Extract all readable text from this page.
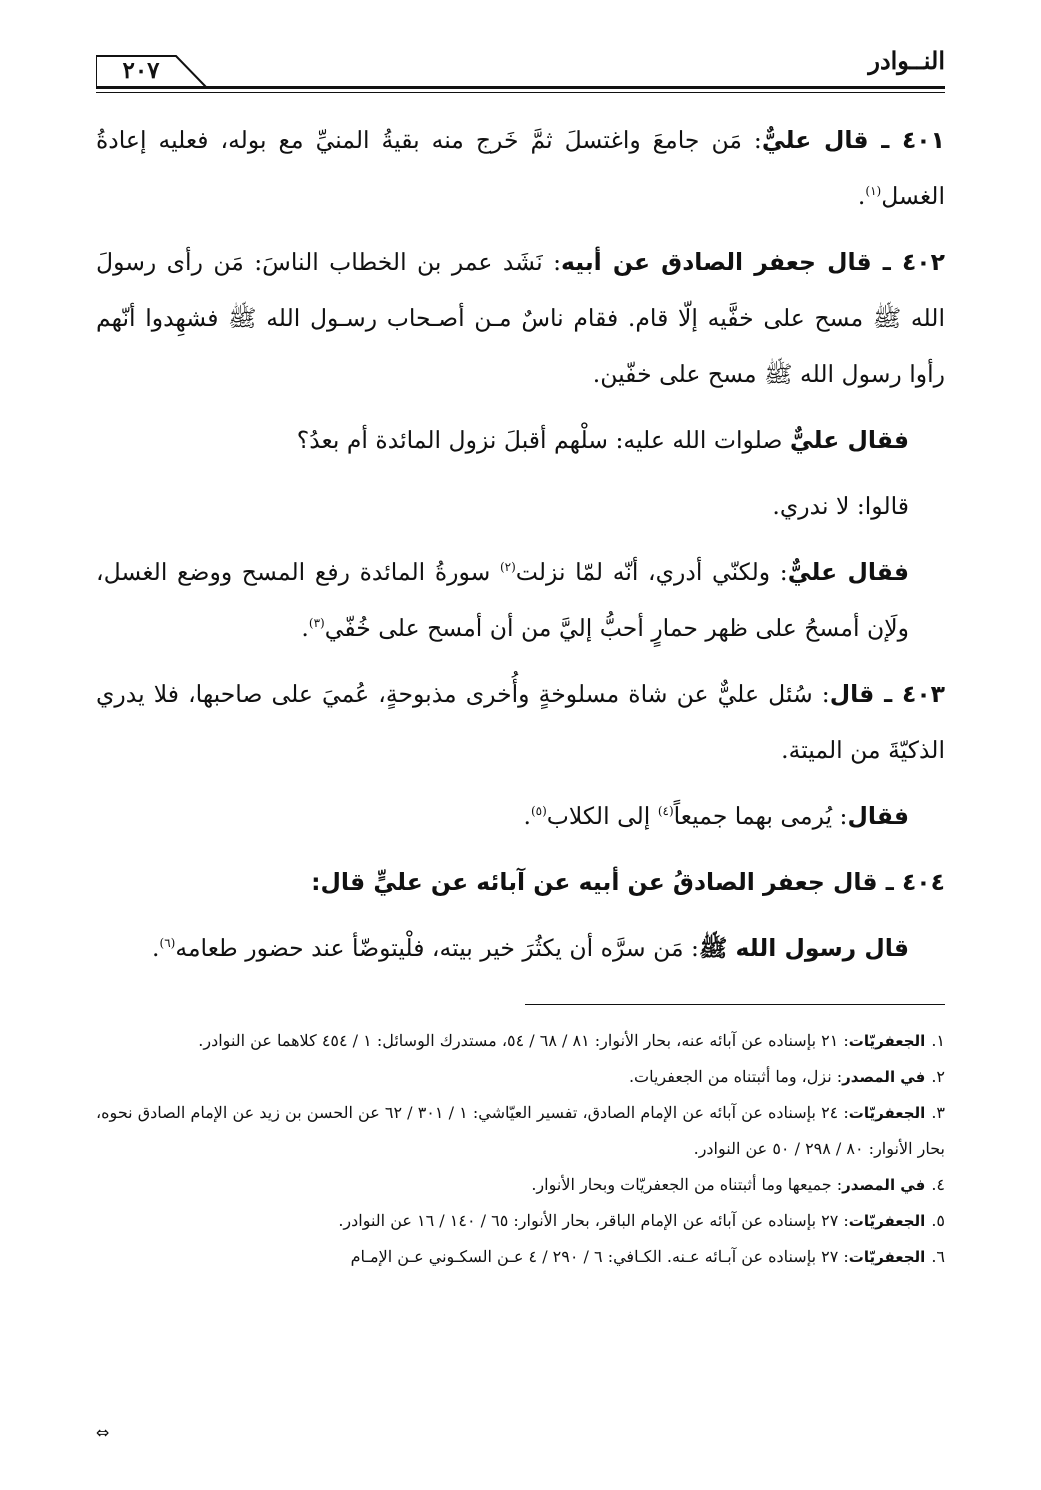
النــوادر
٢٠٧

٤٠١ ـ قال عليٌّ: مَن جامعَ واغتسلَ ثمَّ خَرج منه بقيةُ المنيِّ مع بوله، فعليه إعادةُ الغسل$^{(١)}$.

٤٠٢ ـ قال جعفر الصادق عن أبيه: نَشَد عمر بن الخطاب الناسَ: مَن رأى رسولَ الله ﷺ مسح على خفَّيه إلّا قام. فقام ناسٌ مـن أصـحاب رسـول الله ﷺ فشهِدوا أنّهم رأوا رسول الله ﷺ مسح على خفّين.

فقال عليٌّ صلوات الله عليه: سلْهم أقبلَ نزول المائدة أم بعدُ؟

قالوا: لا ندري.

فقال عليٌّ: ولكنّي أدري، أنّه لمّا نزلت$^{(٢)}$ سورةُ المائدة رفع المسح ووضع الغسل، ولَإن أمسحُ على ظهر حمارٍ أحبُّ إليَّ من أن أمسح على خُفّي$^{(٣)}$.

٤٠٣ ـ قال: سُئل عليٌّ عن شاة مسلوخةٍ وأُخرى مذبوحةٍ، عُميَ على صاحبها، فلا يدري الذكيّةَ من الميتة.

فقال: يُرمى بهما جميعاً$^{(٤)}$ إلى الكلاب$^{(٥)}$.

٤٠٤ ـ قال جعفر الصادقُ عن أبيه عن آبائه عن عليٍّ قال:

قال رسول الله ﷺ: مَن سرَّه أن يكثُرَ خير بيته، فلْيتوضّأ عند حضور طعامه$^{(٦)}$.

١.الجعفريّات: ٢١ بإسناده عن آبائه عنه، بحار الأنوار: ٨١ / ٦٨ / ٥٤، مستدرك الوسائل: ١ / ٤٥٤ كلاهما عن النوادر.

٢.في المصدر: نزل، وما أثبتناه من الجعفريات.

٣.الجعفريّات: ٢٤ بإسناده عن آبائه عن الإمام الصادق، تفسير العيّاشي: ١ / ٣٠١ / ٦٢ عن الحسن بن زيد عن الإمام الصادق نحوه، بحار الأنوار: ٨٠ / ٢٩٨ / ٥٠ عن النوادر.

٤.في المصدر: جميعها وما أثبتناه من الجعفريّات وبحار الأنوار.

٥.الجعفريّات: ٢٧ بإسناده عن آبائه عن الإمام الباقر، بحار الأنوار: ٦٥ / ١٤٠ / ١٦ عن النوادر.

٦.الجعفريّات: ٢٧ بإسناده عن آبـائه عـنه. الكـافي: ٦ / ٢٩٠ / ٤ عـن السكـوني عـن الإمـام

⇔
